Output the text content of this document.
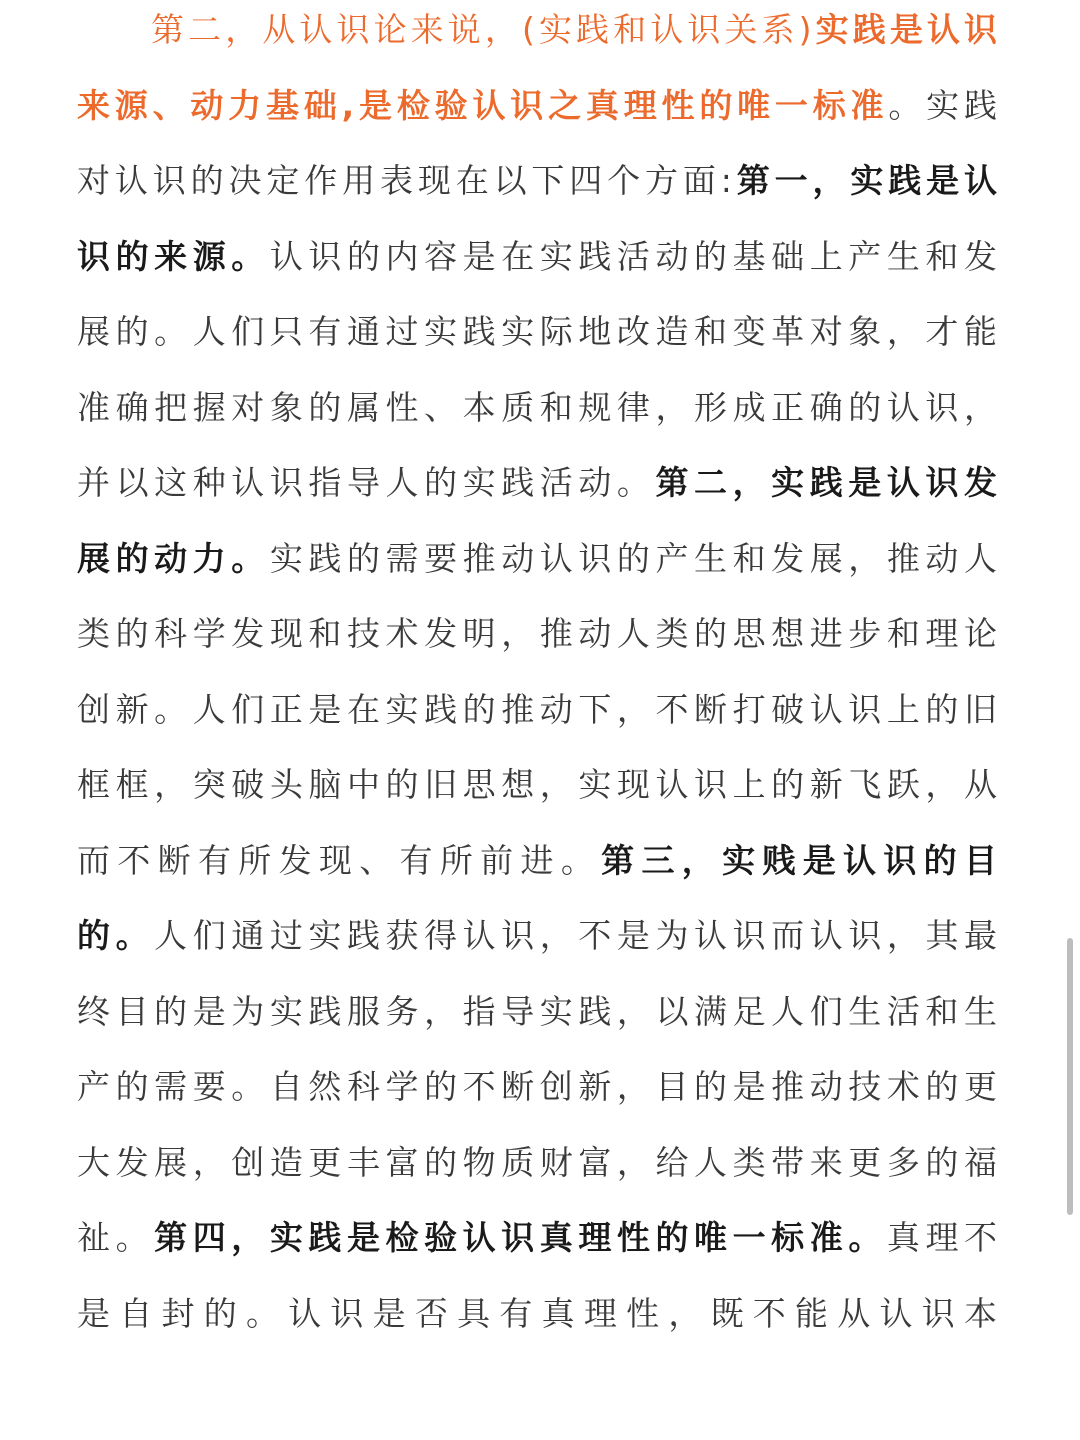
第二，从认识论来说，(实践和认识关系)实践是认识来源、动力基础,是检验认识之真理性的唯一标准。实践对认识的决定作用表现在以下四个方面:第一，实践是认识的来源。认识的内容是在实践活动的基础上产生和发展的。人们只有通过实践实际地改造和变革对象，才能准确把握对象的属性、本质和规律，形成正确的认识，并以这种认识指导人的实践活动。第二，实践是认识发展的动力。实践的需要推动认识的产生和发展，推动人类的科学发现和技术发明，推动人类的思想进步和理论创新。人们正是在实践的推动下，不断打破认识上的旧框框，突破头脑中的旧思想，实现认识上的新飞跃，从而不断有所发现、有所前进。第三，实贱是认识的目的。人们通过实践获得认识，不是为认识而认识，其最终目的是为实践服务，指导实践，以满足人们生活和生产的需要。自然科学的不断创新，目的是推动技术的更大发展，创造更丰富的物质财富，给人类带来更多的福祉。第四，实践是检验认识真理性的唯一标准。真理不是自封的。认识是否具有真理性，既不能从认识本
